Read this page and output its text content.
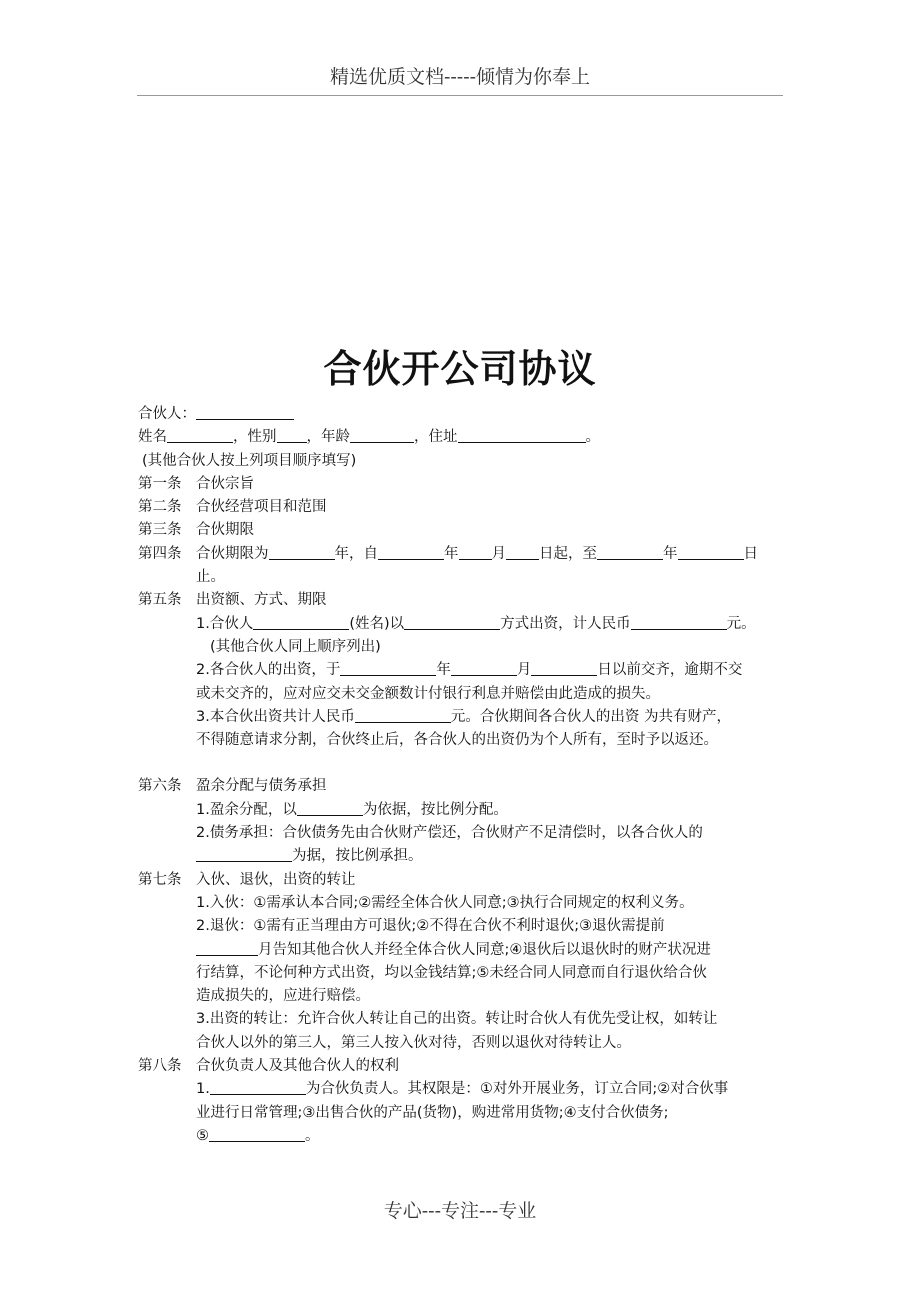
精选优质文档-----倾情为你奉上
合伙开公司协议
合伙人：
姓名	，性别 ，年龄	，住址	。
(其他合伙人按上列项目顺序填写)
第一条	合伙宗旨
第二条	合伙经营项目和范围
第三条	合伙期限
第四条	合伙期限为	年，自	年 月 日起，至	年	日
止。
第五条	出资额、方式、期限
1.合伙人	(姓名)以	方式出资，计人民币	元。
(其他合伙人同上顺序列出)
2.各合伙人的出资，于	年	月	日以前交齐，逾期不交
或未交齐的，应对应交未交金额数计付银行利息并赔偿由此造成的损失。
3.本合伙出资共计人民币	元。合伙期间各合伙人的出资 为共有财产，
不得随意请求分割，合伙终止后，各合伙人的出资仍为个人所有，至时予以返还。
第六条	盈余分配与债务承担
1.盈余分配，以	为依据，按比例分配。
2.债务承担：合伙债务先由合伙财产偿还，合伙财产不足清偿时，以各合伙人的
为据，按比例承担。
第七条	入伙、退伙，出资的转让
1.入伙：①需承认本合同;②需经全体合伙人同意;③执行合同规定的权利义务。
2.退伙：①需有正当理由方可退伙;②不得在合伙不利时退伙;③退伙需提前
月告知其他合伙人并经全体合伙人同意;④退伙后以退伙时的财产状况进
行结算，不论何种方式出资，均以金钱结算;⑤未经合同人同意而自行退伙给合伙
造成损失的，应进行赔偿。
3.出资的转让：允许合伙人转让自己的出资。转让时合伙人有优先受让权，如转让
合伙人以外的第三人，第三人按入伙对待，否则以退伙对待转让人。
第八条	合伙负责人及其他合伙人的权利
1.	为合伙负责人。其权限是：①对外开展业务，订立合同;②对合伙事
业进行日常管理;③出售合伙的产品(货物)，购进常用货物;④支付合伙债务;
⑤	。
专心---专注---专业
